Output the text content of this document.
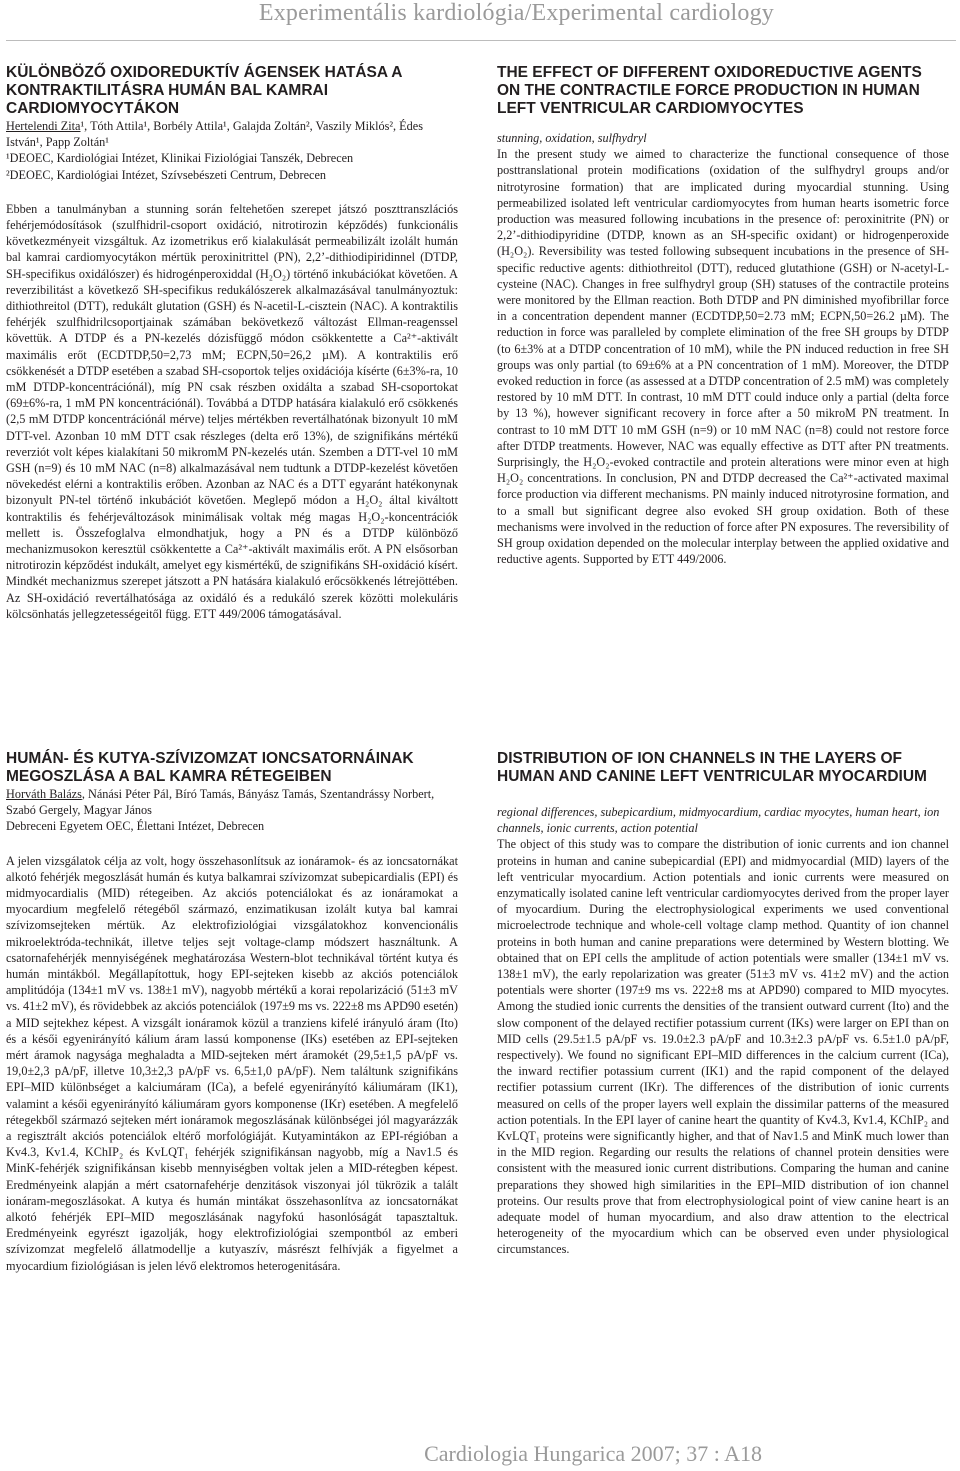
Experimentális kardiológia/Experimental cardiology
KÜLÖNBÖZŐ OXIDOREDUKTÍV ÁGENSEK HATÁSA A KONTRAKTILITÁSRA HUMÁN BAL KAMRAI CARDIOMYOCYTÁKON

Hertelendi Zita¹, Tóth Attila¹, Borbély Attila¹, Galajda Zoltán², Vaszily Miklós², Édes István¹, Papp Zoltán¹

¹DEOEC, Kardiológiai Intézet, Klinikai Fiziológiai Tanszék, Debrecen

²DEOEC, Kardiológiai Intézet, Szívsebészeti Centrum, Debrecen

Ebben a tanulmányban a stunning során feltehetően szerepet játszó poszttranszlációs fehérjemódosítások (szulfhidril-csoport oxidáció, nitrotirozin képződés) funkcionális következményeit vizsgáltuk. Az izometrikus erő kialakulását permeabilizált izolált humán bal kamrai cardiomyocytákon mértük peroxinitrittel (PN), 2,2’-dithiodipiridinnel (DTDP, SH-specifikus oxidálószer) és hidrogénperoxiddal (H₂O₂) történő inkubációkat követően. A reverzibilitást a következő SH-specifikus redukálószerek alkalmazásával tanulmányoztuk: dithiothreitol (DTT), redukált glutation (GSH) és N-acetil-L-cisztein (NAC). A kontraktilis fehérjék szulfhidrilcsoportjainak számában bekövetkező változást Ellman-reagenssel követtük. A DTDP és a PN-kezelés dózisfüggő módon csökkentette a Ca²⁺-aktivált maximális erőt (ECDTDP,50=2,73 mM; ECPN,50=26,2 µM). A kontraktilis erő csökkenését a DTDP esetében a szabad SH-csoportok teljes oxidációja kísérte (6±3%-ra, 10 mM DTDP-koncentrációnál), míg PN csak részben oxidálta a szabad SH-csoportokat (69±6%-ra, 1 mM PN koncentrációnál). Továbbá a DTDP hatására kialakuló erő csökkenés (2,5 mM DTDP koncentrációnál mérve) teljes mértékben revertálhatónak bizonyult 10 mM DTT-vel. Azonban 10 mM DTT csak részleges (delta erő 13%), de szignifikáns mértékű reverziót volt képes kialakítani 50 mikromM PN-kezelés után. Szemben a DTT-vel 10 mM GSH (n=9) és 10 mM NAC (n=8) alkalmazásával nem tudtunk a DTDP-kezelést követően növekedést elérni a kontraktilis erőben. Azonban az NAC és a DTT egyaránt hatékonynak bizonyult PN-tel történő inkubációt követően. Meglepő módon a H₂O₂ által kiváltott kontraktilis és fehérjeváltozások minimálisak voltak még magas H₂O₂-koncentrációk mellett is. Összefoglalva elmondhatjuk, hogy a PN és a DTDP különböző mechanizmusokon keresztül csökkentette a Ca²⁺-aktivált maximális erőt. A PN elsősorban nitrotirozin képződést indukált, amelyet egy kismértékű, de szignifikáns SH-oxidáció kísért. Mindkét mechanizmus szerepet játszott a PN hatására kialakuló erőcsökkenés létrejöttében. Az SH-oxidáció revertálhatósága az oxidáló és a redukáló szerek közötti molekuláris kölcsönhatás jellegzetességeitől függ. ETT 449/2006 támogatásával.

THE EFFECT OF DIFFERENT OXIDOREDUCTIVE AGENTS ON THE CONTRACTILE FORCE PRODUCTION IN HUMAN LEFT VENTRICULAR CARDIOMYOCYTES

stunning, oxidation, sulfhydryl

In the present study we aimed to characterize the functional consequence of those posttranslational protein modifications (oxidation of the sulfhydryl groups and/or nitrotyrosine formation) that are implicated during myocardial stunning. Using permeabilized isolated left ventricular cardiomyocytes from human hearts isometric force production was measured following incubations in the presence of: peroxinitrite (PN) or 2,2’-dithiodipyridine (DTDP, known as an SH-specific oxidant) or hidrogenperoxide (H₂O₂). Reversibility was tested following subsequent incubations in the presence of SH-specific reductive agents: dithiothreitol (DTT), reduced glutathione (GSH) or N-acetyl-L-cysteine (NAC). Changes in free sulfhydryl group (SH) statuses of the contractile proteins were monitored by the Ellman reaction. Both DTDP and PN diminished myofibrillar force in a concentration dependent manner (ECDTDP,50=2.73 mM; ECPN,50=26.2 µM). The reduction in force was paralleled by complete elimination of the free SH groups by DTDP (to 6±3% at a DTDP concentration of 10 mM), while the PN induced reduction in free SH groups was only partial (to 69±6% at a PN concentration of 1 mM). Moreover, the DTDP evoked reduction in force (as assessed at a DTDP concentration of 2.5 mM) was completely restored by 10 mM DTT. In contrast, 10 mM DTT could induce only a partial (delta force by 13 %), however significant recovery in force after a 50 mikroM PN treatment. In contrast to 10 mM DTT 10 mM GSH (n=9) or 10 mM NAC (n=8) could not restore force after DTDP treatments. However, NAC was equally effective as DTT after PN treatments. Surprisingly, the H₂O₂-evoked contractile and protein alterations were minor even at high H₂O₂ concentrations. In conclusion, PN and DTDP decreased the Ca²⁺-activated maximal force production via different mechanisms. PN mainly induced nitrotyrosine formation, and to a small but significant degree also evoked SH group oxidation. Both of these mechanisms were involved in the reduction of force after PN exposures. The reversibility of SH group oxidation depended on the molecular interplay between the applied oxidative and reductive agents. Supported by ETT 449/2006.

HUMÁN- ÉS KUTYA-SZÍVIZOMZAT IONCSATORNÁINAK MEGOSZLÁSA A BAL KAMRA RÉTEGEIBEN

Horváth Balázs, Nánási Péter Pál, Bíró Tamás, Bányász Tamás, Szentandrássy Norbert, Szabó Gergely, Magyar János

Debreceni Egyetem OEC, Élettani Intézet, Debrecen

A jelen vizsgálatok célja az volt, hogy összehasonlítsuk az ionáramok- és az ioncsatornákat alkotó fehérjék megoszlását humán és kutya balkamrai szívizomzat subepicardialis (EPI) és midmyocardialis (MID) rétegeiben. Az akciós potenciálokat és az ionáramokat a myocardium megfelelő rétegéből származó, enzimatikusan izolált kutya bal kamrai szívizomsejteken mértük. Az elektrofiziológiai vizsgálatokhoz konvencionális mikroelektróda-technikát, illetve teljes sejt voltage-clamp módszert használtunk. A csatornafehérjék mennyiségének meghatározása Western-blot technikával történt kutya és humán mintákból. Megállapítottuk, hogy EPI-sejteken kisebb az akciós potenciálok amplitúdója (134±1 mV vs. 138±1 mV), nagyobb mértékű a korai repolarizáció (51±3 mV vs. 41±2 mV), és rövidebbek az akciós potenciálok (197±9 ms vs. 222±8 ms APD90 esetén) a MID sejtekhez képest. A vizsgált ionáramok közül a tranziens kifelé irányuló áram (Ito) és a késői egyenirányító kálium áram lassú komponense (IKs) esetében az EPI-sejteken mért áramok nagysága meghaladta a MID-sejteken mért áramokét (29,5±1,5 pA/pF vs. 19,0±2,3 pA/pF, illetve 10,3±2,3 pA/pF vs. 6,5±1,0 pA/pF). Nem találtunk szignifikáns EPI–MID különbséget a kalciumáram (ICa), a befelé egyenirányító káliumáram (IK1), valamint a késői egyenirányító káliumáram gyors komponense (IKr) esetében. A megfelelő rétegekből származó sejteken mért ionáramok megoszlásának különbségei jól magyarázzák a regisztrált akciós potenciálok eltérő morfológiáját. Kutyamintákon az EPI-régióban a Kv4.3, Kv1.4, KChIP₂ és KvLQT₁ fehérjék szignifikánsan nagyobb, míg a Nav1.5 és MinK-fehérjék szignifikánsan kisebb mennyiségben voltak jelen a MID-rétegben képest. Eredményeink alapján a mért csatornafehérje denzitások viszonyai jól tükrözik a talált ionáram-megoszlásokat. A kutya és humán mintákat összehasonlítva az ioncsatornákat alkotó fehérjék EPI–MID megoszlásának nagyfokú hasonlóságát tapasztaltuk. Eredményeink egyrészt igazolják, hogy elektrofiziológiai szempontból az emberi szívizomzat megfelelő állatmodellje a kutyaszív, másrészt felhívják a figyelmet a myocardium fiziológiásan is jelen lévő elektromos heterogenitására.

DISTRIBUTION OF ION CHANNELS IN THE LAYERS OF HUMAN AND CANINE LEFT VENTRICULAR MYOCARDIUM

regional differences, subepicardium, midmyocardium, cardiac myocytes, human heart, ion channels, ionic currents, action potential

The object of this study was to compare the distribution of ionic currents and ion channel proteins in human and canine subepicardial (EPI) and midmyocardial (MID) layers of the left ventricular myocardium. Action potentials and ionic currents were measured on enzymatically isolated canine left ventricular cardiomyocytes derived from the proper layer of myocardium. During the electrophysiological experiments we used conventional microelectrode technique and whole-cell voltage clamp method. Quantity of ion channel proteins in both human and canine preparations were determined by Western blotting. We obtained that on EPI cells the amplitude of action potentials were smaller (134±1 mV vs. 138±1 mV), the early repolarization was greater (51±3 mV vs. 41±2 mV) and the action potentials were shorter (197±9 ms vs. 222±8 ms at APD90) compared to MID myocytes. Among the studied ionic currents the densities of the transient outward current (Ito) and the slow component of the delayed rectifier potassium current (IKs) were larger on EPI than on MID cells (29.5±1.5 pA/pF vs. 19.0±2.3 pA/pF and 10.3±2.3 pA/pF vs. 6.5±1.0 pA/pF, respectively). We found no significant EPI–MID differences in the calcium current (ICa), the inward rectifier potassium current (IK1) and the rapid component of the delayed rectifier potassium current (IKr). The differences of the distribution of ionic currents measured on cells of the proper layers well explain the dissimilar patterns of the measured action potentials. In the EPI layer of canine heart the quantity of Kv4.3, Kv1.4, KChIP₂ and KvLQT₁ proteins were significantly higher, and that of Nav1.5 and MinK much lower than in the MID region. Regarding our results the relations of channel protein densities were consistent with the measured ionic current distributions. Comparing the human and canine preparations they showed high similarities in the EPI–MID distribution of ion channel proteins. Our results prove that from electrophysiological point of view canine heart is an adequate model of human myocardium, and also draw attention to the electrical heterogeneity of the myocardium which can be observed even under physiological circumstances.

Cardiologia Hungarica 2007; 37 : A18
